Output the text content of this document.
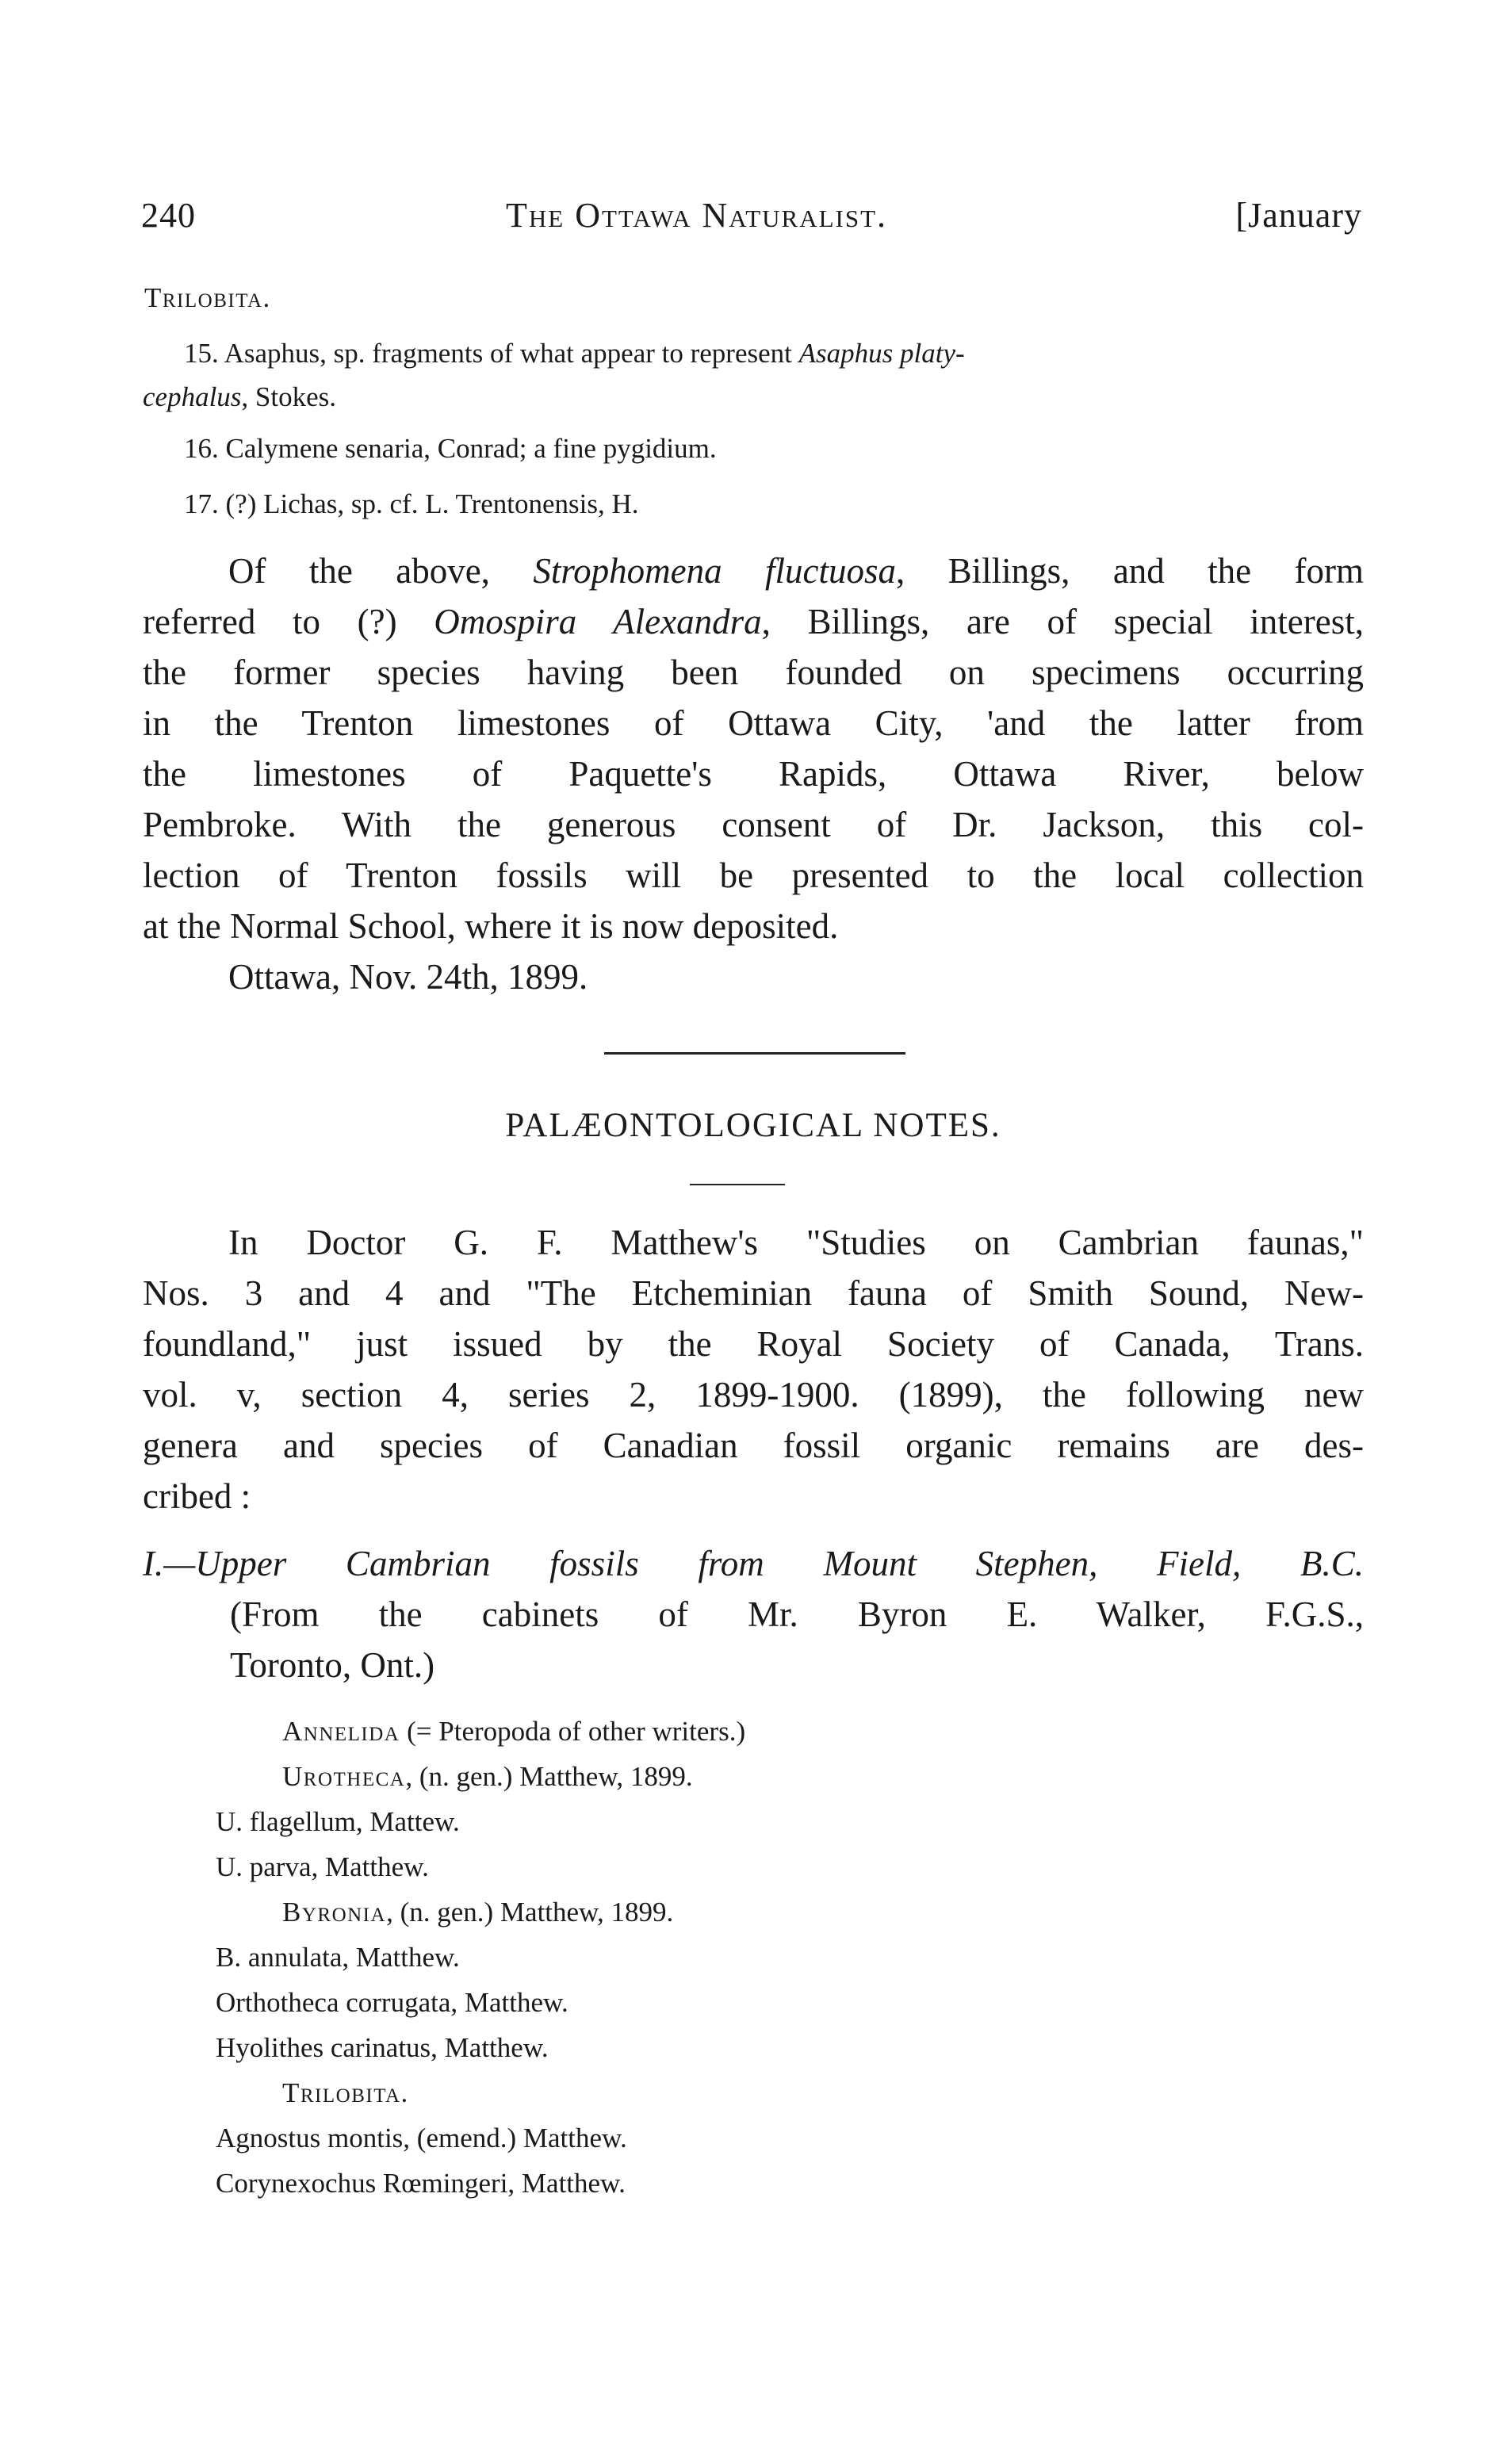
240	The Ottawa Naturalist.	[January
Trilobita.
15. Asaphus, sp. fragments of what appear to represent Asaphus platy-
cephalus, Stokes.
16. Calymene senaria, Conrad; a fine pygidium.
17. (?) Lichas, sp. cf. L. Trentonensis, H.
Of the above, Strophomena fluctuosa, Billings, and the form
referred to (?) Omospira Alexandra, Billings, are of special interest,
the former species having been founded on specimens occurring
in the Trenton limestones of Ottawa City, 'and the latter from
the limestones of Paquette's Rapids, Ottawa River, below
Pembroke. With the generous consent of Dr. Jackson, this col-
lection of Trenton fossils will be presented to the local collection
at the Normal School, where it is now deposited.
Ottawa, Nov. 24th, 1899.
PALÆONTOLOGICAL NOTES.
In Doctor G. F. Matthew's "Studies on Cambrian faunas,"
Nos. 3 and 4 and "The Etcheminian fauna of Smith Sound, New-
foundland," just issued by the Royal Society of Canada, Trans.
vol. v, section 4, series 2, 1899-1900. (1899), the following new
genera and species of Canadian fossil organic remains are des-
cribed :
I.—Upper Cambrian fossils from Mount Stephen, Field, B.C.
(From the cabinets of Mr. Byron E. Walker, F.G.S.,
Toronto, Ont.)
Annelida (= Pteropoda of other writers.)
Urotheca, (n. gen.) Matthew, 1899.
U. flagellum, Mattew.
U. parva, Matthew.
Byronia, (n. gen.) Matthew, 1899.
B. annulata, Matthew.
Orthotheca corrugata, Matthew.
Hyolithes carinatus, Matthew.
Trilobita.
Agnostus montis, (emend.) Matthew.
Corynexochus Rœmingeri, Matthew.
